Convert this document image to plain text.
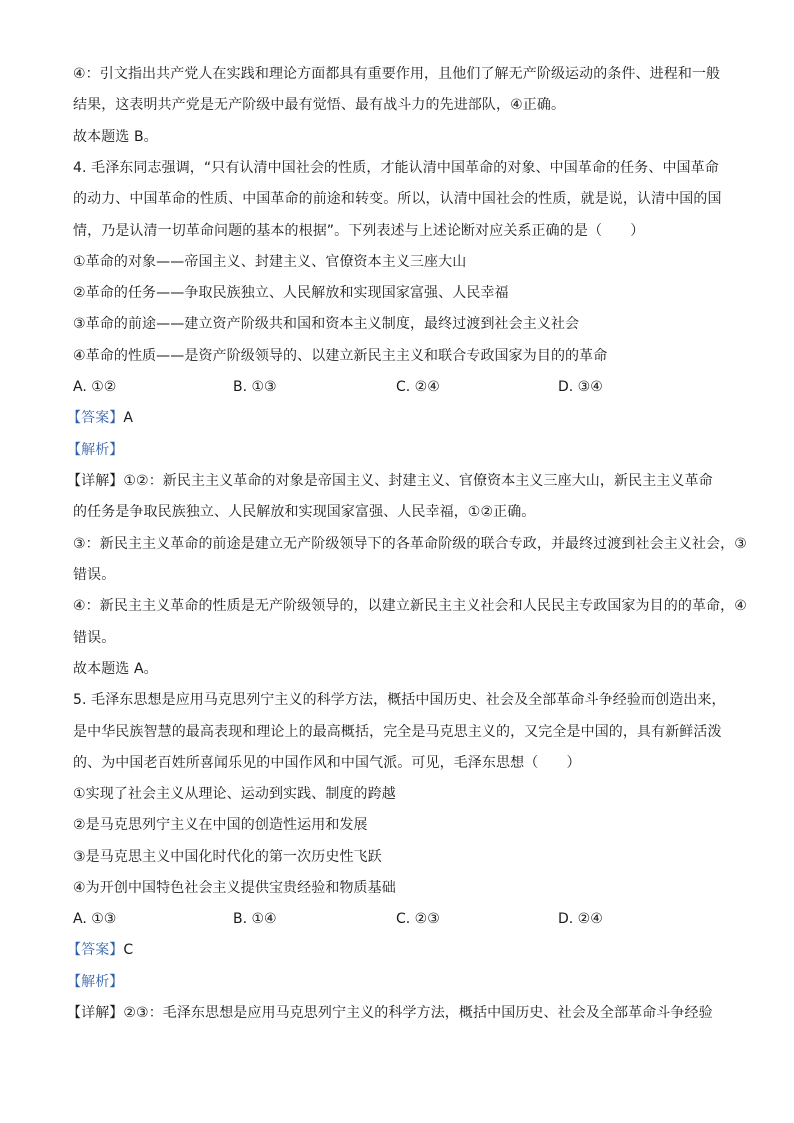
④：引文指出共产党人在实践和理论方面都具有重要作用，且他们了解无产阶级运动的条件、进程和一般
结果，这表明共产党是无产阶级中最有觉悟、最有战斗力的先进部队，④正确。
故本题选 B。
4. 毛泽东同志强调，“只有认清中国社会的性质，才能认清中国革命的对象、中国革命的任务、中国革命
的动力、中国革命的性质、中国革命的前途和转变。所以，认清中国社会的性质，就是说，认清中国的国
情，乃是认清一切革命问题的基本的根据”。下列表述与上述论断对应关系正确的是（　　）
①革命的对象——帝国主义、封建主义、官僚资本主义三座大山
②革命的任务——争取民族独立、人民解放和实现国家富强、人民幸福
③革命的前途——建立资产阶级共和国和资本主义制度，最终过渡到社会主义社会
④革命的性质——是资产阶级领导的、以建立新民主主义和联合专政国家为目的的革命
A. ①②	B. ①③	C. ②④	D. ③④
【答案】A
【解析】
【详解】①②：新民主主义革命的对象是帝国主义、封建主义、官僚资本主义三座大山，新民主主义革命
的任务是争取民族独立、人民解放和实现国家富强、人民幸福，①②正确。
③：新民主主义革命的前途是建立无产阶级领导下的各革命阶级的联合专政，并最终过渡到社会主义社会，③
错误。
④：新民主主义革命的性质是无产阶级领导的，以建立新民主主义社会和人民民主专政国家为目的的革命，④
错误。
故本题选 A。
5. 毛泽东思想是应用马克思列宁主义的科学方法，概括中国历史、社会及全部革命斗争经验而创造出来，
是中华民族智慧的最高表现和理论上的最高概括，完全是马克思主义的，又完全是中国的，具有新鲜活泼
的、为中国老百姓所喜闻乐见的中国作风和中国气派。可见，毛泽东思想（　　）
①实现了社会主义从理论、运动到实践、制度的跨越
②是马克思列宁主义在中国的创造性运用和发展
③是马克思主义中国化时代化的第一次历史性飞跃
④为开创中国特色社会主义提供宝贵经验和物质基础
A. ①③	B. ①④	C. ②③	D. ②④
【答案】C
【解析】
【详解】②③：毛泽东思想是应用马克思列宁主义的科学方法，概括中国历史、社会及全部革命斗争经验
